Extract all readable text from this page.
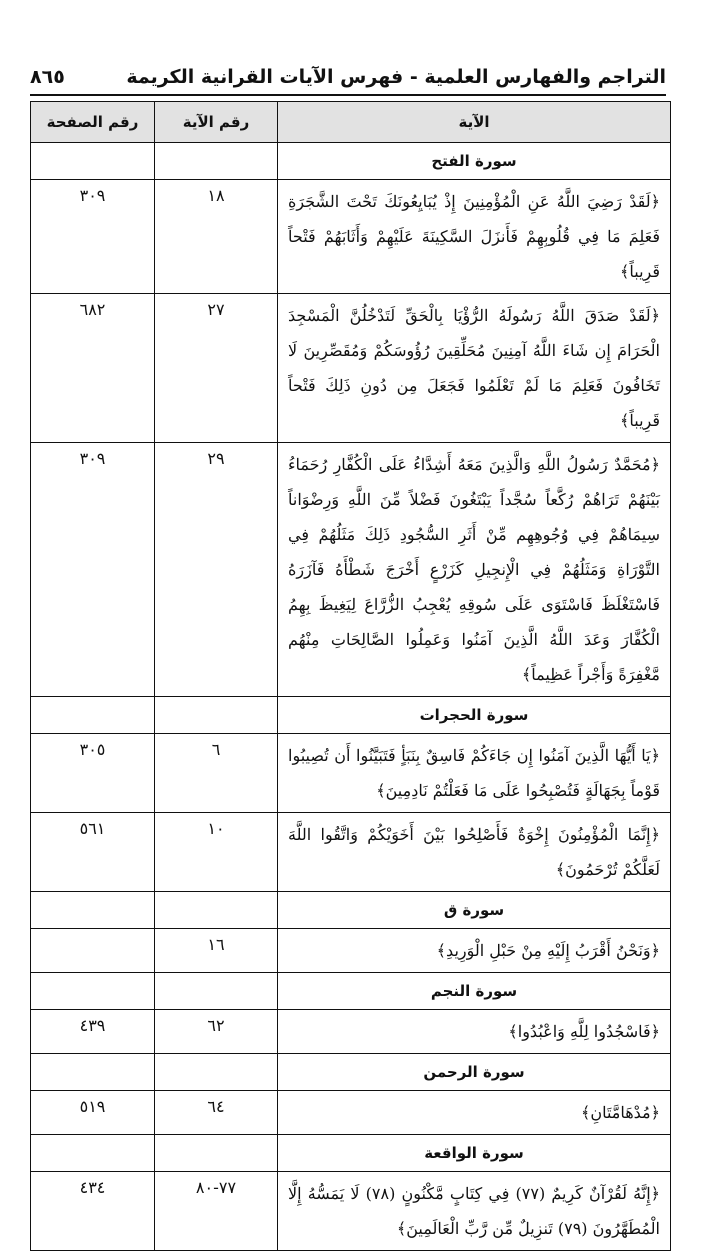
التراجم والفهارس العلمية - فهرس الآيات القرانية الكريمة
٨٦٥
الآية	رقم الآية	رقم الصفحة
سورة الفتح		
﴿لَقَدْ رَضِيَ اللَّهُ عَنِ الْمُؤْمِنِينَ إِذْ يُبَايِعُونَكَ تَحْتَ الشَّجَرَةِ فَعَلِمَ مَا فِي قُلُوبِهِمْ فَأَنزَلَ السَّكِينَةَ عَلَيْهِمْ وَأَثَابَهُمْ فَتْحاً قَرِيباً﴾	١٨	٣٠٩
﴿لَقَدْ صَدَقَ اللَّهُ رَسُولَهُ الرُّؤْيَا بِالْحَقِّ لَتَدْخُلُنَّ الْمَسْجِدَ الْحَرَامَ إِن شَاءَ اللَّهُ آمِنِينَ مُحَلِّقِينَ رُؤُوسَكُمْ وَمُقَصِّرِينَ لَا تَخَافُونَ فَعَلِمَ مَا لَمْ تَعْلَمُوا فَجَعَلَ مِن دُونِ ذَلِكَ فَتْحاً قَرِيباً﴾	٢٧	٦٨٢
﴿مُحَمَّدٌ رَسُولُ اللَّهِ وَالَّذِينَ مَعَهُ أَشِدَّاءُ عَلَى الْكُفَّارِ رُحَمَاءُ بَيْنَهُمْ تَرَاهُمْ رُكَّعاً سُجَّداً يَبْتَغُونَ فَضْلاً مِّنَ اللَّهِ وَرِضْوَاناً سِيمَاهُمْ فِي وُجُوهِهِم مِّنْ أَثَرِ السُّجُودِ ذَلِكَ مَثَلُهُمْ فِي التَّوْرَاةِ وَمَثَلُهُمْ فِي الْإِنجِيلِ كَزَرْعٍ أَخْرَجَ شَطْأَهُ فَآزَرَهُ فَاسْتَغْلَظَ فَاسْتَوَى عَلَى سُوقِهِ يُعْجِبُ الزُّرَّاعَ لِيَغِيظَ بِهِمُ الْكُفَّارَ وَعَدَ اللَّهُ الَّذِينَ آمَنُوا وَعَمِلُوا الصَّالِحَاتِ مِنْهُم مَّغْفِرَةً وَأَجْراً عَظِيماً﴾	٢٩	٣٠٩
سورة الحجرات		
﴿يَا أَيُّهَا الَّذِينَ آمَنُوا إِن جَاءَكُمْ فَاسِقٌ بِنَبَأٍ فَتَبَيَّنُوا أَن تُصِيبُوا قَوْماً بِجَهَالَةٍ فَتُصْبِحُوا عَلَى مَا فَعَلْتُمْ نَادِمِينَ﴾	٦	٣٠٥
﴿إِنَّمَا الْمُؤْمِنُونَ إِخْوَةٌ فَأَصْلِحُوا بَيْنَ أَخَوَيْكُمْ وَاتَّقُوا اللَّهَ لَعَلَّكُمْ تُرْحَمُونَ﴾	١٠	٥٦١
سورة ق		
﴿وَنَحْنُ أَقْرَبُ إِلَيْهِ مِنْ حَبْلِ الْوَرِيدِ﴾	١٦	
سورة النجم		
﴿فَاسْجُدُوا لِلَّهِ وَاعْبُدُوا﴾	٦٢	٤٣٩
سورة الرحمن		
﴿مُدْهَامَّتَانِ﴾	٦٤	٥١٩
سورة الواقعة		
﴿إِنَّهُ لَقُرْآنٌ كَرِيمٌ (٧٧) فِي كِتَابٍ مَّكْنُونٍ (٧٨) لَا يَمَسُّهُ إِلَّا الْمُطَهَّرُونَ (٧٩) تَنزِيلٌ مِّن رَّبِّ الْعَالَمِينَ﴾	٧٧-٨٠	٤٣٤
